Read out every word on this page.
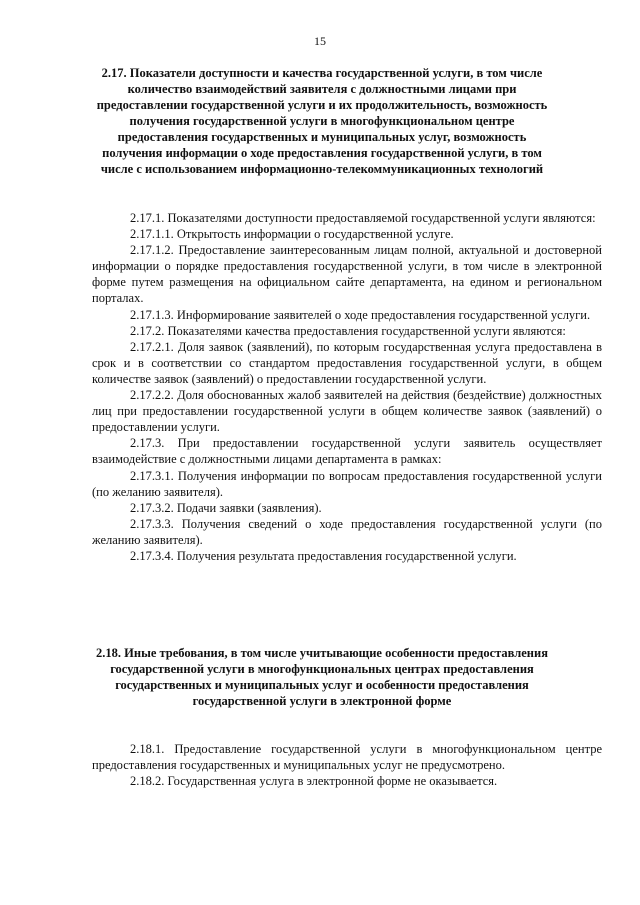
15
2.17. Показатели доступности и качества государственной услуги, в том числе количество взаимодействий заявителя с должностными лицами при предоставлении государственной услуги и их продолжительность, возможность получения государственной услуги в многофункциональном центре предоставления государственных и муниципальных услуг, возможность получения информации о ходе предоставления государственной услуги, в том числе с использованием информационно-телекоммуникационных технологий

2.17.1. Показателями доступности предоставляемой государственной услуги являются:

2.17.1.1. Открытость информации о государственной услуге.

2.17.1.2. Предоставление заинтересованным лицам полной, актуальной и достоверной информации о порядке предоставления государственной услуги, в том числе в электронной форме путем размещения на официальном сайте департамента, на едином и региональном порталах.

2.17.1.3. Информирование заявителей о ходе предоставления государственной услуги.

2.17.2. Показателями качества предоставления государственной услуги являются:

2.17.2.1. Доля заявок (заявлений), по которым государственная услуга предоставлена в срок и в соответствии со стандартом предоставления государственной услуги, в общем количестве заявок (заявлений) о предоставлении государственной услуги.

2.17.2.2. Доля обоснованных жалоб заявителей на действия (бездействие) должностных лиц при предоставлении государственной услуги в общем количестве заявок (заявлений) о предоставлении услуги.

2.17.3. При предоставлении государственной услуги заявитель осуществляет взаимодействие с должностными лицами департамента в рамках:

2.17.3.1. Получения информации по вопросам предоставления государственной услуги (по желанию заявителя).

2.17.3.2. Подачи заявки (заявления).

2.17.3.3. Получения сведений о ходе предоставления государственной услуги (по желанию заявителя).

2.17.3.4. Получения результата предоставления государственной услуги.

2.18. Иные требования, в том числе учитывающие особенности предоставления государственной услуги в многофункциональных центрах предоставления государственных и муниципальных услуг и особенности предоставления государственной услуги в электронной форме

2.18.1. Предоставление государственной услуги в многофункциональном центре предоставления государственных и муниципальных услуг не предусмотрено.

2.18.2. Государственная услуга в электронной форме не оказывается.
